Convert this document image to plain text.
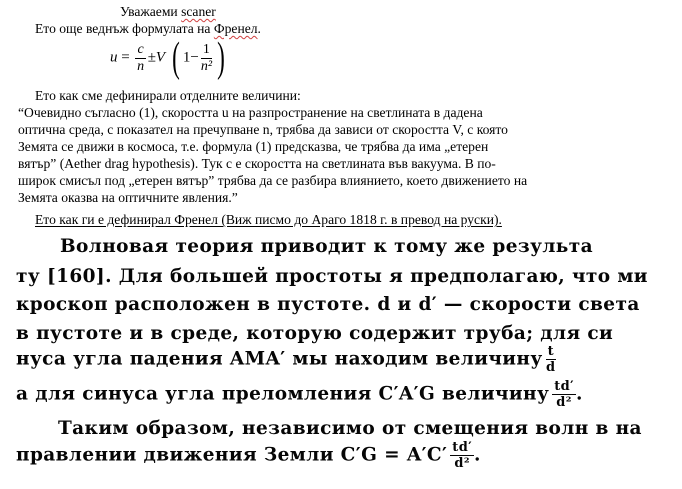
Уважаеми scaner
Ето още веднъж формулата на Френел.
$u = \frac{c}{n} \pm V$ ( $1- \frac{1}{\text{n²}}$ )
Ето как сме дефинирали отделните величини:
“Очевидно съгласно (1), скоростта u на разпространение на светлината в дадена
оптична среда, с показател на пречупване n, трябва да зависи от скоростта V, с която
Земята се движи в космоса, т.е. формула (1) предсказва, че трябва да има „етерен
вятър” (Aether drag hypothesis). Тук c е скоростта на светлината във вакуума. В по-
широк смисъл под „етерен вятър” трябва да се разбира влиянието, което движението на
Земята оказва на оптичните явления.”
Ето как ги е дефинирал Френел (Виж писмо до Араго 1818 г. в превод на руски).
Волновая теория приводит к тому же результа
ту [160]. Для большей простоты я предполагаю, что ми
кроскоп расположен в пустоте. d и d′ — скорости света
в пустоте и в среде, которую содержит труба; для си
нуса угла падения AMA′ мы находим величину $\frac{t}{d}$
а для синуса угла преломления C′A′G величину $\frac{td'}{\text{d²}}$ .
Таким образом, независимо от смещения волн в на
правлении движения Земли $C'G = A'C' \frac{td'}{\text{d²}}$ .
